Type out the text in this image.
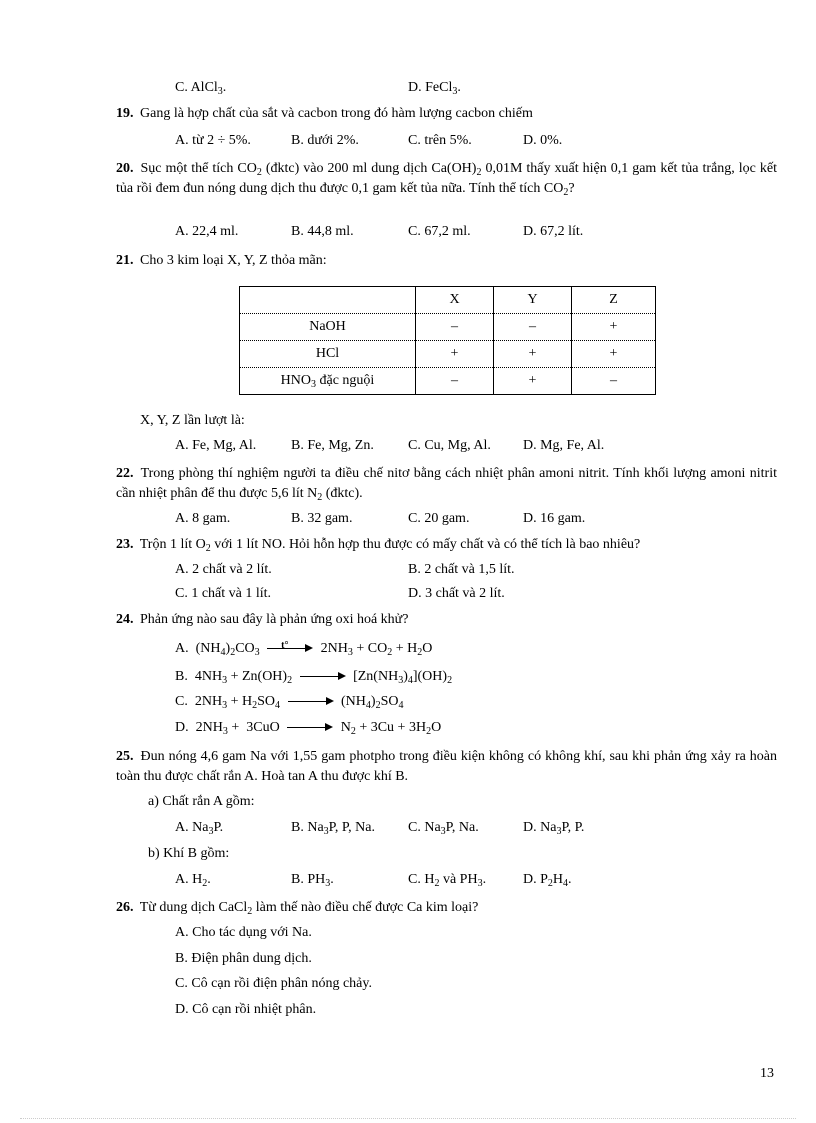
C. AlCl$_3$.	D. FeCl$_3$.
19. Gang là hợp chất của sắt và cacbon trong đó hàm lượng cacbon chiếm
A. từ 2 ÷ 5%.	B. dưới 2%.	C. trên 5%.	D. 0%.
20. Sục một thể tích $CO_2$ (đktc) vào 200 ml dung dịch $Ca(OH)_2$ 0,01M thấy xuất hiện 0,1 gam kết tủa trắng, lọc kết tủa rồi đem đun nóng dung dịch thu được 0,1 gam kết tủa nữa. Tính thể tích $CO_2$?
A. 22,4 ml.	B. 44,8 ml.	C. 67,2 ml.	D. 67,2 lít.
21. Cho 3 kim loại X, Y, Z thỏa mãn:
	X	Y	Z
NaOH	–	–	+
HCl	+	+	+
$HNO_3$ đặc nguội	–	+	–
X, Y, Z lần lượt là:
A. Fe, Mg, Al. B. Fe, Mg, Zn. C. Cu, Mg, Al. D. Mg, Fe, Al.
22. Trong phòng thí nghiệm người ta điều chế nitơ bằng cách nhiệt phân amoni nitrit. Tính khối lượng amoni nitrit cần nhiệt phân để thu được 5,6 lít $N_2$ (đktc).
A. 8 gam.	B. 32 gam.	C. 20 gam.	D. 16 gam.
23. Trộn 1 lít $O_2$ với 1 lít NO. Hỏi hỗn hợp thu được có mấy chất và có thể tích là bao nhiêu?
A. 2 chất và 2 lít.	B. 2 chất và 1,5 lít.
C. 1 chất và 1 lít.	D. 3 chất và 2 lít.
24. Phản ứng nào sau đây là phản ứng oxi hoá khử?
A.  $(NH_4)_2CO_3$
t° $2NH_3 + CO_2 + H_2O$
B.  $4NH_3 + Zn(OH)_2$	$[Zn(NH_3)_4](OH)_2$
C.  $2NH_3 + H_2SO_4$	$(NH_4)_2SO_4$
D.  $2NH_3 + 3CuO$	$N_2 + 3Cu + 3H_2O$
25. Đun nóng 4,6 gam Na với 1,55 gam photpho trong điều kiện không có không khí, sau khi phản ứng xảy ra hoàn toàn thu được chất rắn A. Hoà tan A thu được khí B.
a) Chất rắn A gồm:
A. $Na_3P$.	B. $Na_3P$, P, Na. C. $Na_3P$, Na.	D. $Na_3P$, P.
b) Khí B gồm:
A. $H_2$.	B. $PH_3$.	C. $H_2$ và $PH_3$.	D. $P_2H_4$.
26. Từ dung dịch CaCl$_2$ làm thế nào điều chế được Ca kim loại?
A. Cho tác dụng với Na.
B. Điện phân dung dịch.
C. Cô cạn rồi điện phân nóng chảy.
D. Cô cạn rồi nhiệt phân.
13
